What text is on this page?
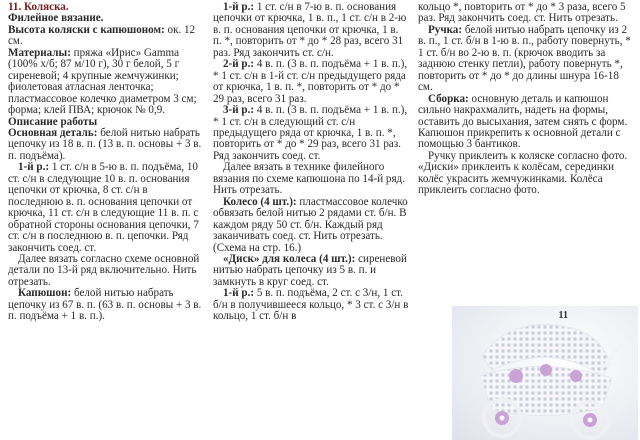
11. Коляска.

Филейное вязание.

Высота коляски с капюшоном: ок. 12 см.

Материалы: пряжа «Ирис» Gamma (100% х/б; 87 м/10 г), 30 г белой, 5 г сиреневой; 4 крупные жемчужинки; фиолетовая атласная ленточка; пластмассовое колечко диаметром 3 см; форма; клей ПВА; крючок № 0,9.

Описание работы

Основная деталь: белой нитью набрать цепочку из 18 в. п. (13 в. п. основы + 3 в. п. подъёма).

1-й р.: 1 ст. с/н в 5-ю в. п. подъёма, 10 ст. с/н в следующие 10 в. п. основания цепочки от крючка, 8 ст. с/н в последнюю в. п. основания цепочки от крючка, 11 ст. с/н в следующие 11 в. п. с обратной стороны основания цепочки, 7 ст. с/н в последнюю в. п. цепочки. Ряд закончить соед. ст.

Далее вязать согласно схеме основной детали по 13-й ряд включительно. Нить отрезать.

Капюшон: белой нитью набрать цепочку из 67 в. п. (63 в. п. основы + 3 в. п. подъёма + 1 в. п.).

1-й р.: 1 ст. с/н в 7-ю в. п. основания цепочки от крючка, 1 в. п., 1 ст. с/н в 2-ю в. п. основания цепочки от крючка, 1 в. п. *, повторить от * до * 28 раз, всего 31 раз. Ряд закончить ст. с/н.

2-й р.: 4 в. п. (3 в. п. подъёма + 1 в. п.), * 1 ст. с/н в 1-й ст. с/н предыдущего ряда от крючка, 1 в. п. *, повторить от * до * 29 раз, всего 31 раз.

3-й р.: 4 в. п. (3 в. п. подъёма + 1 в. п.), * 1 ст. с/н в следующий ст. с/н предыдущего ряда от крючка, 1 в. п. *, повторить от * до * 29 раз, всего 31 раз. Ряд закончить соед. ст.

Далее вязать в технике филейного вязания по схеме капюшона по 14-й ряд. Нить отрезать.

Колесо (4 шт.): пластмассовое колечко обвязать белой нитью 2 рядами ст. б/н. В каждом ряду 50 ст. б/н. Каждый ряд заканчивать соед. ст. Нить отрезать. (Схема на стр. 16.)

«Диск» для колеса (4 шт.): сиреневой нитью набрать цепочку из 5 в. п. и замкнуть в круг соед. ст.

1-й р.: 5 в. п. подъёма, 2 ст. с 3/н, 1 ст. б/н в получившееся кольцо, * 3 ст. с 3/н в кольцо, 1 ст. б/н в

кольцо *, повторить от * до * 3 раза, всего 5 раз. Ряд закончить соед. ст. Нить отрезать.

Ручка: белой нитью набрать цепочку из 2 в. п., 1 ст. б/н в 1-ю в. п., работу повернуть, * 1 ст. б/н во 2-ю в. п. (крючок вводить за заднюю стенку петли), работу повернуть *, повторить от * до * до длины шнура 16-18 см.

Сборка: основную деталь и капюшон сильно накрахмалить, надеть на формы, оставить до высыхания, затем снять с форм. Капюшон прикрепить к основной детали с помощью 3 бантиков.

Ручку приклеить к коляске согласно фото. «Диски» приклеить к колёсам, серединки колёс украсить жемчужинками. Колёса приклеить согласно фото.

11
